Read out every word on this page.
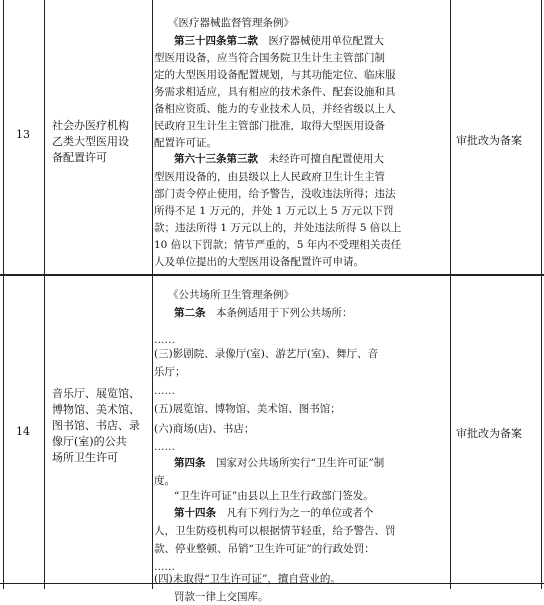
13
社会办医疗机构
乙类大型医用设
备配置许可
《医疗器械监督管理条例》
第三十四条第二款　医疗器械使用单位配置大
型医用设备，应当符合国务院卫生计生主管部门制
定的大型医用设备配置规划，与其功能定位、临床服
务需求相适应，具有相应的技术条件、配套设施和具
备相应资质、能力的专业技术人员，并经省级以上人
民政府卫生计生主管部门批准，取得大型医用设备
配置许可证。
第六十三条第三款　未经许可擅自配置使用大
型医用设备的，由县级以上人民政府卫生计生主管
部门责令停止使用，给予警告，没收违法所得；违法
所得不足 1 万元的，并处 1 万元以上 5 万元以下罚
款；违法所得 1 万元以上的，并处违法所得 5 倍以上
10 倍以下罚款；情节严重的，5 年内不受理相关责任
人及单位提出的大型医用设备配置许可申请。
审批改为备案
14
音乐厅、展览馆、
博物馆、美术馆、
图书馆、书店、录
像厅(室)的公共
场所卫生许可
《公共场所卫生管理条例》
第二条　本条例适用于下列公共场所：
……
(三)影剧院、录像厅(室)、游艺厅(室)、舞厅、音
乐厅；
……
(五)展览馆、博物馆、美术馆、图书馆；
(六)商场(店)、书店；
……
第四条　国家对公共场所实行“卫生许可证”制
度。
“卫生许可证”由县以上卫生行政部门签发。
第十四条　凡有下列行为之一的单位或者个
人，卫生防疫机构可以根据情节轻重，给予警告、罚
款、停业整顿、吊销“卫生许可证”的行政处罚：
……
(四)未取得“卫生许可证”，擅自营业的。
罚款一律上交国库。
审批改为备案
